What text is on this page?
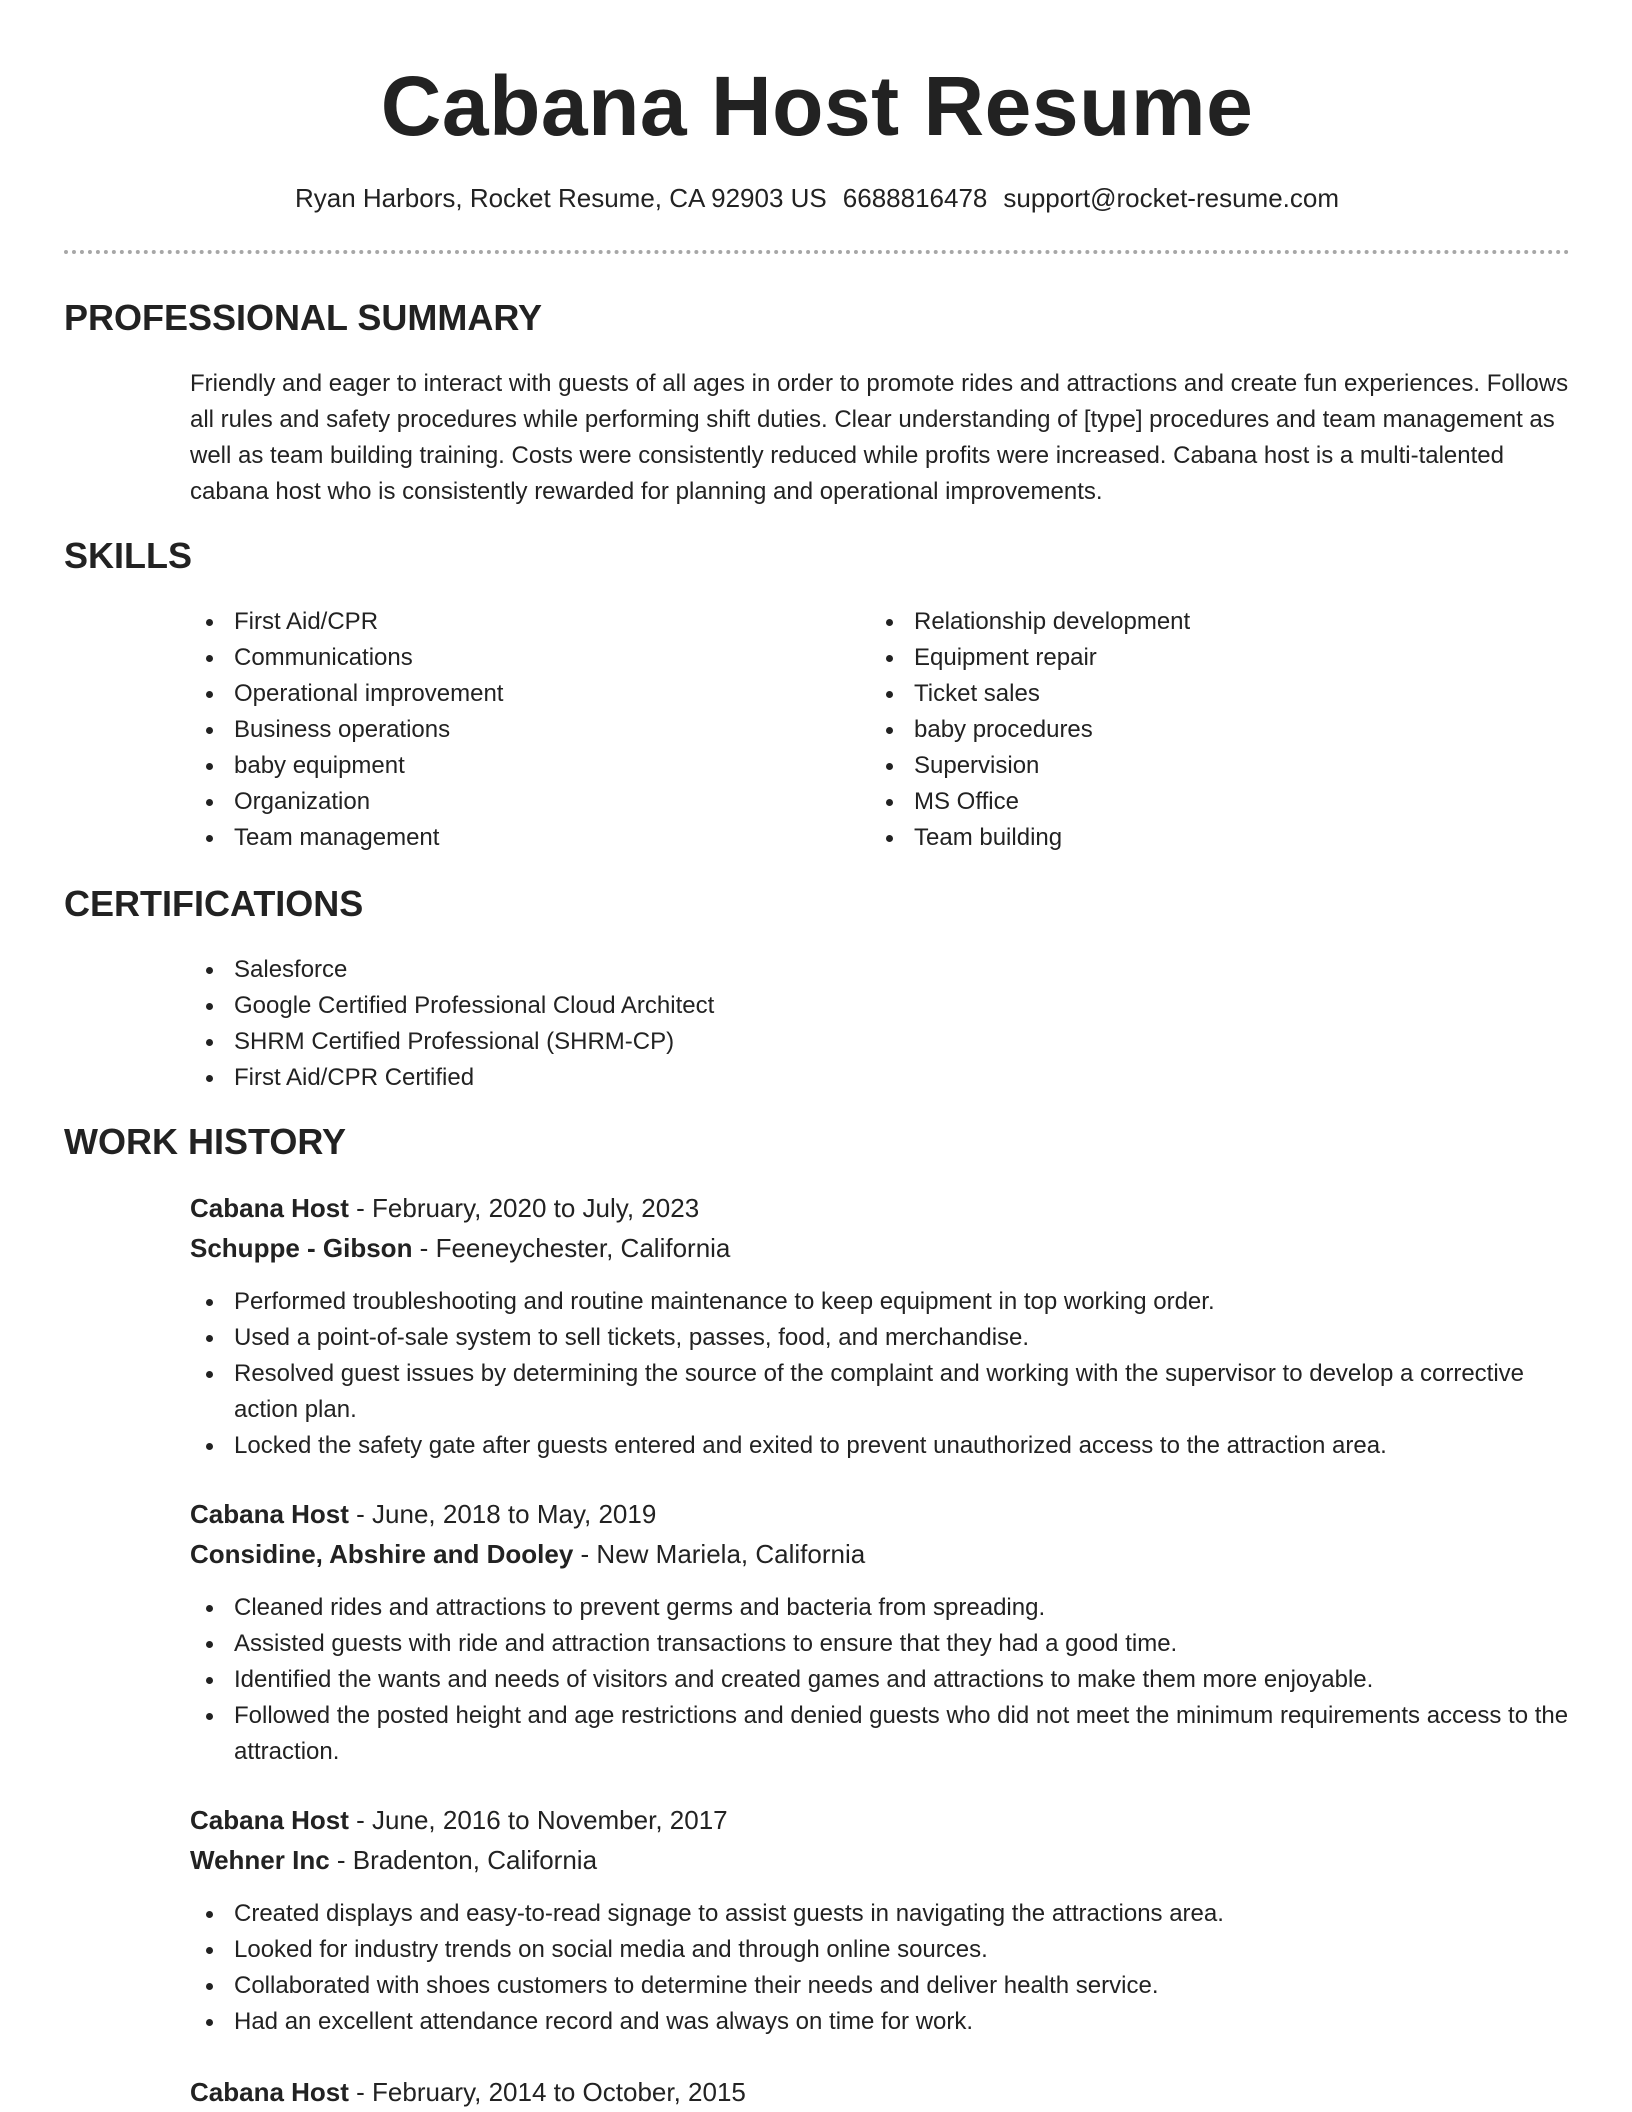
Cabana Host Resume
Ryan Harbors, Rocket Resume, CA 92903 US 6688816478 support@rocket-resume.com
PROFESSIONAL SUMMARY

Friendly and eager to interact with guests of all ages in order to promote rides and attractions and create fun experiences. Follows all rules and safety procedures while performing shift duties. Clear understanding of [type] procedures and team management as well as team building training. Costs were consistently reduced while profits were increased. Cabana host is a multi-talented cabana host who is consistently rewarded for planning and operational improvements.

SKILLS
First Aid/CPR
Communications
Operational improvement
Business operations
baby equipment
Organization
Team management
Relationship development
Equipment repair
Ticket sales
baby procedures
Supervision
MS Office
Team building
CERTIFICATIONS
Salesforce
Google Certified Professional Cloud Architect
SHRM Certified Professional (SHRM-CP)
First Aid/CPR Certified
WORK HISTORY
Cabana Host - February, 2020 to July, 2023
Schuppe - Gibson - Feeneychester, California
Performed troubleshooting and routine maintenance to keep equipment in top working order.
Used a point-of-sale system to sell tickets, passes, food, and merchandise.
Resolved guest issues by determining the source of the complaint and working with the supervisor to develop a corrective action plan.
Locked the safety gate after guests entered and exited to prevent unauthorized access to the attraction area.
Cabana Host - June, 2018 to May, 2019
Considine, Abshire and Dooley - New Mariela, California
Cleaned rides and attractions to prevent germs and bacteria from spreading.
Assisted guests with ride and attraction transactions to ensure that they had a good time.
Identified the wants and needs of visitors and created games and attractions to make them more enjoyable.
Followed the posted height and age restrictions and denied guests who did not meet the minimum requirements access to the attraction.
Cabana Host - June, 2016 to November, 2017
Wehner Inc - Bradenton, California
Created displays and easy-to-read signage to assist guests in navigating the attractions area.
Looked for industry trends on social media and through online sources.
Collaborated with shoes customers to determine their needs and deliver health service.
Had an excellent attendance record and was always on time for work.
Cabana Host - February, 2014 to October, 2015
